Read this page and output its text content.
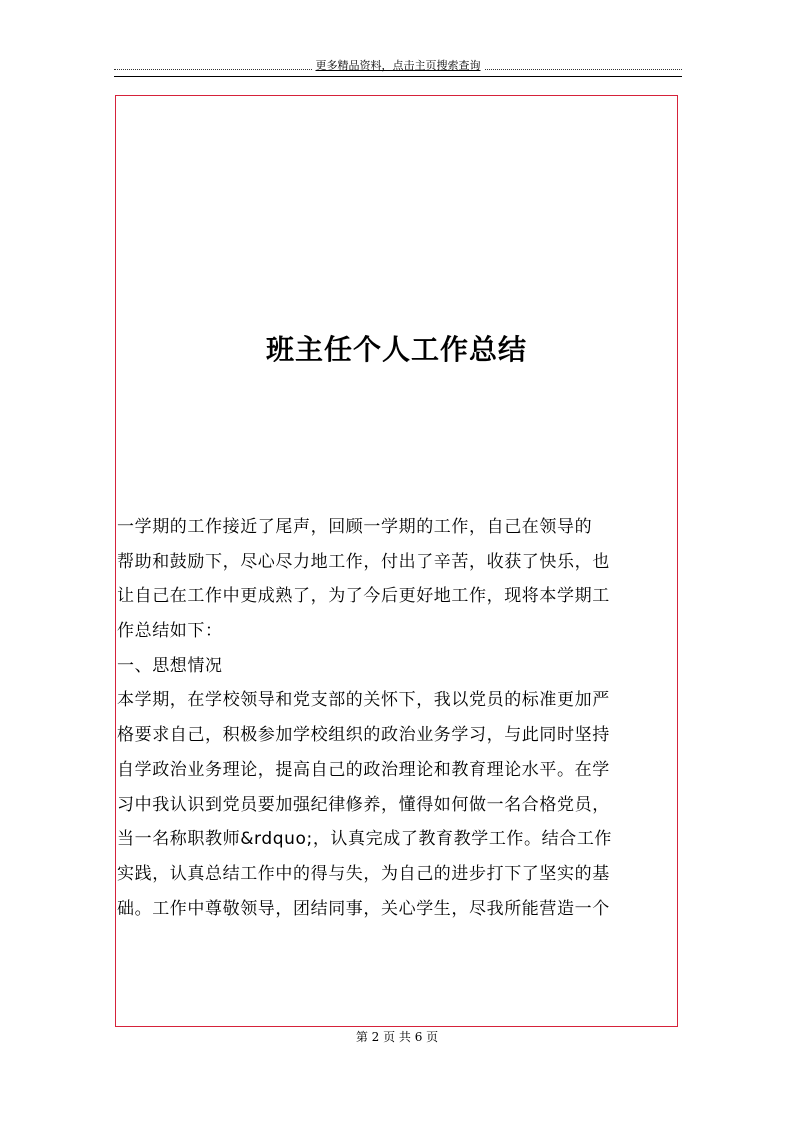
更多精品资料，点击主页搜索查询
班主任个人工作总结
一学期的工作接近了尾声，回顾一学期的工作，自己在领导的
帮助和鼓励下，尽心尽力地工作，付出了辛苦，收获了快乐，也
让自己在工作中更成熟了，为了今后更好地工作，现将本学期工
作总结如下：
一、思想情况
本学期，在学校领导和党支部的关怀下，我以党员的标准更加严
格要求自己，积极参加学校组织的政治业务学习，与此同时坚持
自学政治业务理论，提高自己的政治理论和教育理论水平。在学
习中我认识到党员要加强纪律修养，懂得如何做一名合格党员，
当一名称职教师&rdquo;，认真完成了教育教学工作。结合工作
实践，认真总结工作中的得与失，为自己的进步打下了坚实的基
础。工作中尊敬领导，团结同事，关心学生，尽我所能营造一个
第 2 页 共 6 页
